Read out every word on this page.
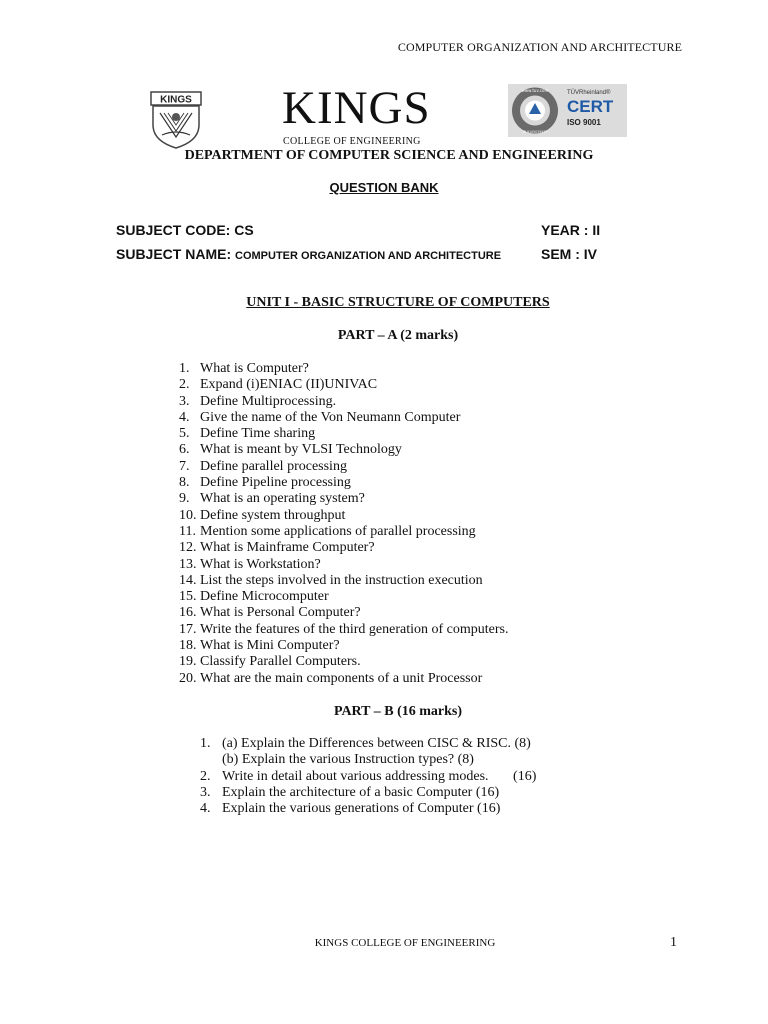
COMPUTER ORGANIZATION AND ARCHITECTURE
KINGS KINGS
COLLEGE OF ENGINEERING
www.tuv.com
ID 9105035977
TÜVRheinland®
CERT
ISO 9001
DEPARTMENT OF COMPUTER SCIENCE AND ENGINEERING
QUESTION BANK
SUBJECT CODE: CS	YEAR : II
SUBJECT NAME: COMPUTER ORGANIZATION AND ARCHITECTURE	SEM : IV
UNIT I - BASIC STRUCTURE OF COMPUTERS
PART – A (2 marks)
1. What is Computer?
2. Expand (i)ENIAC (II)UNIVAC
3. Define Multiprocessing.
4. Give the name of the Von Neumann Computer
5. Define Time sharing
6. What is meant by VLSI Technology
7. Define parallel processing
8. Define Pipeline processing
9. What is an operating system?
10. Define system throughput
11. Mention some applications of parallel processing
12. What is Mainframe Computer?
13. What is Workstation?
14. List the steps involved in the instruction execution
15. Define Microcomputer
16. What is Personal Computer?
17. Write the features of the third generation of computers.
18. What is Mini Computer?
19. Classify Parallel Computers.
20. What are the main components of a unit Processor
PART – B (16 marks)
1. (a) Explain the Differences between CISC & RISC. (8)
(b) Explain the various Instruction types? (8)
2. Write in detail about various addressing modes.       (16)
3. Explain the architecture of a basic Computer (16)
4. Explain the various generations of Computer (16)
KINGS COLLEGE OF ENGINEERING	1
